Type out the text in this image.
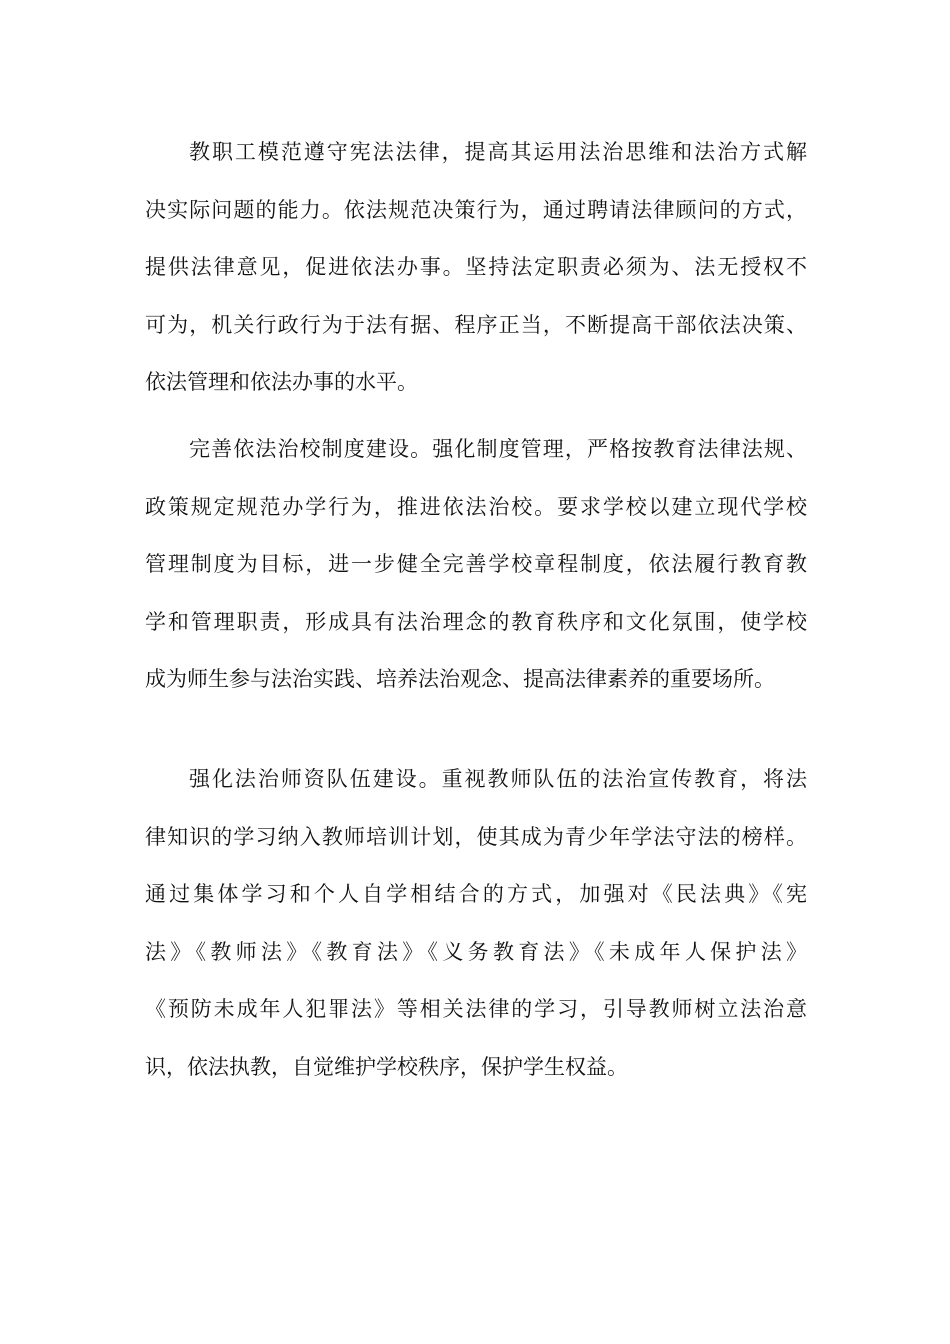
教职工模范遵守宪法法律，提高其运用法治思维和法治方式解
决实际问题的能力。依法规范决策行为，通过聘请法律顾问的方式，
提供法律意见，促进依法办事。坚持法定职责必须为、法无授权不
可为，机关行政行为于法有据、程序正当，不断提高干部依法决策、
依法管理和依法办事的水平。
完善依法治校制度建设。强化制度管理，严格按教育法律法规、
政策规定规范办学行为，推进依法治校。要求学校以建立现代学校
管理制度为目标，进一步健全完善学校章程制度，依法履行教育教
学和管理职责，形成具有法治理念的教育秩序和文化氛围，使学校
成为师生参与法治实践、培养法治观念、提高法律素养的重要场所。
强化法治师资队伍建设。重视教师队伍的法治宣传教育，将法
律知识的学习纳入教师培训计划，使其成为青少年学法守法的榜样。
通过集体学习和个人自学相结合的方式，加强对《民法典》《宪
法》《教师法》《教育法》《义务教育法》《未成年人保护法》
《预防未成年人犯罪法》等相关法律的学习，引导教师树立法治意
识，依法执教，自觉维护学校秩序，保护学生权益。
